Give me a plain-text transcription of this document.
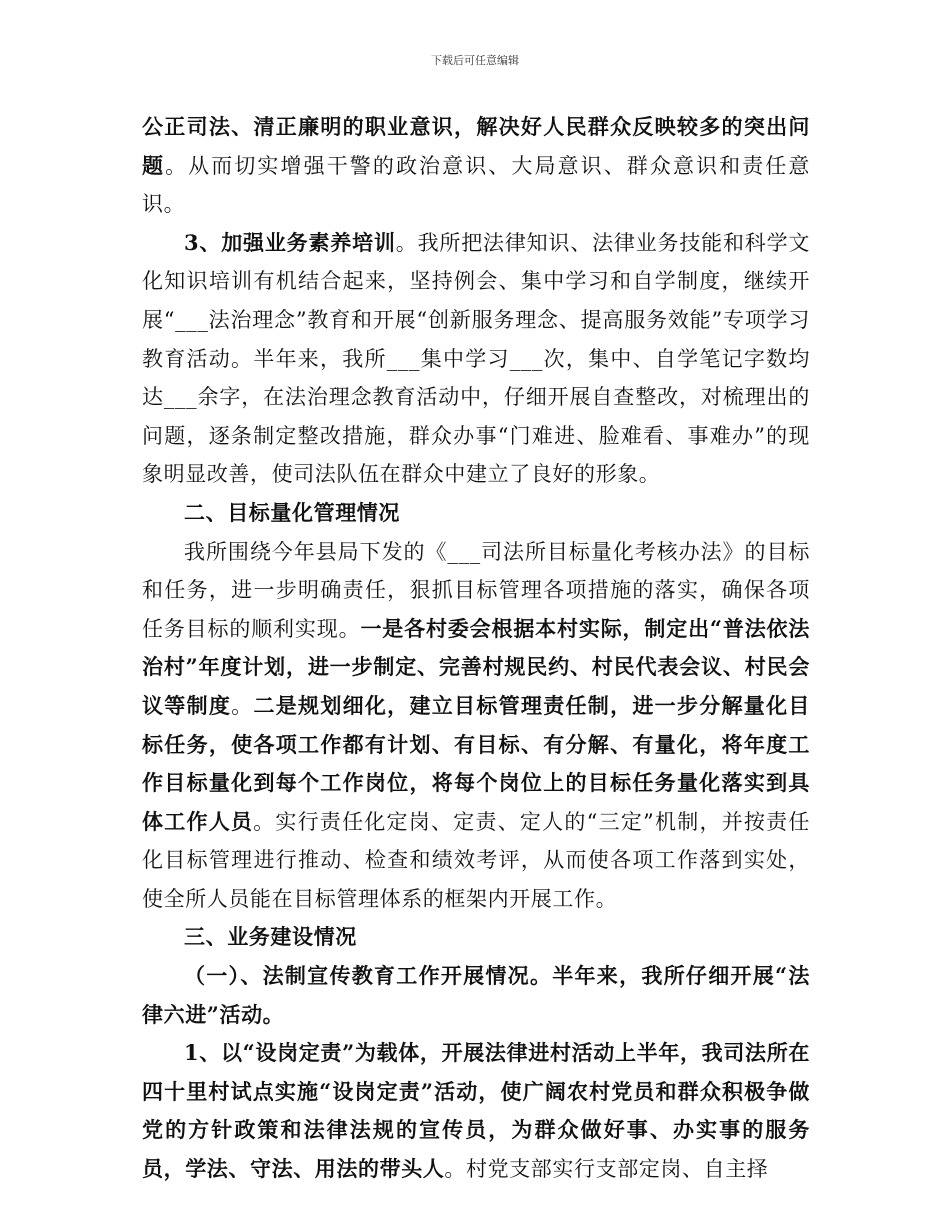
下载后可任意编辑

公正司法、清正廉明的职业意识，解决好人民群众反映较多的突出问题。从而切实增强干警的政治意识、大局意识、群众意识和责任意识。

3、加强业务素养培训。我所把法律知识、法律业务技能和科学文化知识培训有机结合起来，坚持例会、集中学习和自学制度，继续开展“___法治理念”教育和开展“创新服务理念、提高服务效能”专项学习教育活动。半年来，我所___集中学习___次，集中、自学笔记字数均达___余字，在法治理念教育活动中，仔细开展自查整改，对梳理出的问题，逐条制定整改措施，群众办事“门难进、脸难看、事难办”的现象明显改善，使司法队伍在群众中建立了良好的形象。

二、目标量化管理情况

我所围绕今年县局下发的《___司法所目标量化考核办法》的目标和任务，进一步明确责任，狠抓目标管理各项措施的落实，确保各项任务目标的顺利实现。一是各村委会根据本村实际，制定出“普法依法治村”年度计划，进一步制定、完善村规民约、村民代表会议、村民会议等制度。二是规划细化，建立目标管理责任制，进一步分解量化目标任务，使各项工作都有计划、有目标、有分解、有量化，将年度工作目标量化到每个工作岗位，将每个岗位上的目标任务量化落实到具体工作人员。实行责任化定岗、定责、定人的“三定”机制，并按责任化目标管理进行推动、检查和绩效考评，从而使各项工作落到实处，使全所人员能在目标管理体系的框架内开展工作。

三、业务建设情况

（一）、法制宣传教育工作开展情况。半年来，我所仔细开展“法律六进”活动。

1、以“设岗定责”为载体，开展法律进村活动上半年，我司法所在四十里村试点实施“设岗定责”活动，使广阔农村党员和群众积极争做党的方针政策和法律法规的宣传员，为群众做好事、办实事的服务员，学法、守法、用法的带头人。村党支部实行支部定岗、自主择
